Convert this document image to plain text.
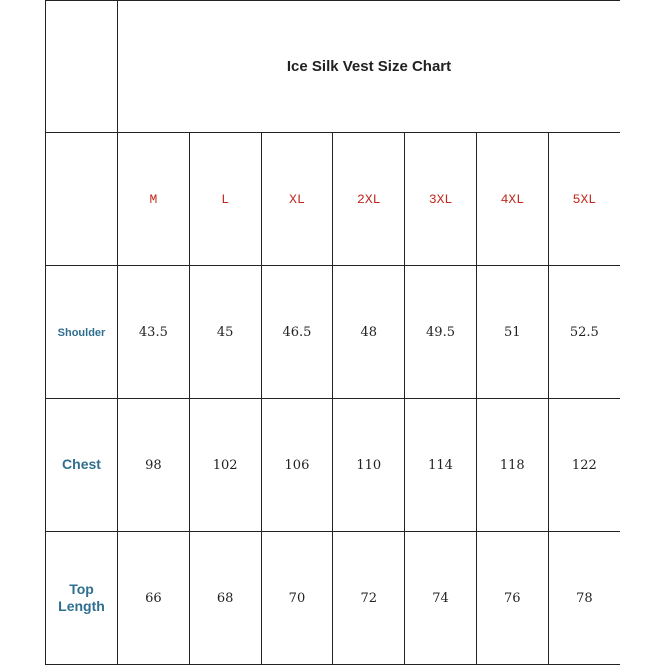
	Ice Silk Vest Size Chart						
	M	L	XL	2XL	3XL	4XL	5XL
Shoulder	43.5	45	46.5	48	49.5	51	52.5
Chest	98	102	106	110	114	118	122
Top Length	66	68	70	72	74	76	78
